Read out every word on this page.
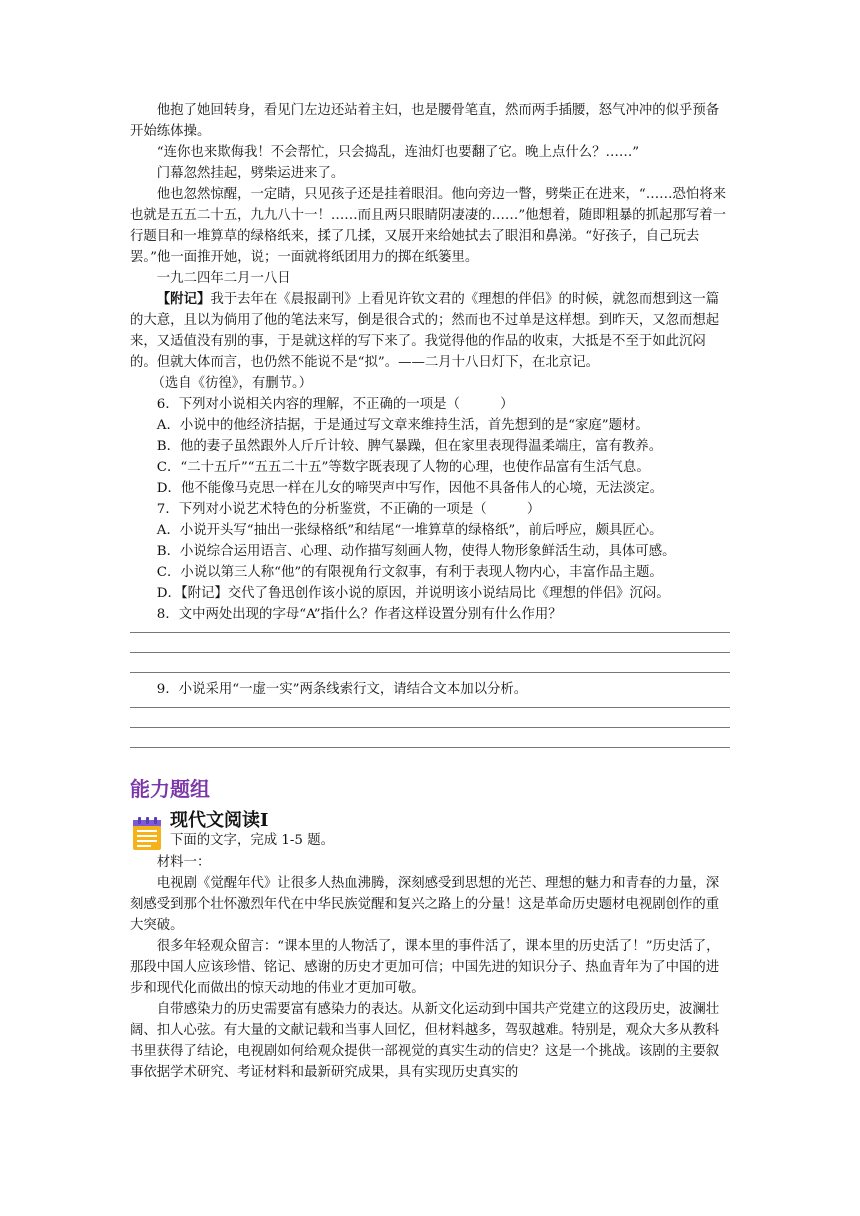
他抱了她回转身，看见门左边还站着主妇，也是腰骨笔直，然而两手插腰，怒气冲冲的似乎预备开始练体操。

“连你也来欺侮我！不会帮忙，只会捣乱，连油灯也要翻了它。晚上点什么？……”

门幕忽然挂起，劈柴运进来了。

他也忽然惊醒，一定睛，只见孩子还是挂着眼泪。他向旁边一瞥，劈柴正在进来，“……恐怕将来也就是五五二十五，九九八十一！……而且两只眼睛阴凄凄的……”他想着，随即粗暴的抓起那写着一行题目和一堆算草的绿格纸来，揉了几揉，又展开来给她拭去了眼泪和鼻涕。“好孩子，自己玩去罢。”他一面推开她，说；一面就将纸团用力的掷在纸篓里。

一九二四年二月一八日

【附记】我于去年在《晨报副刊》上看见许钦文君的《理想的伴侣》的时候，就忽而想到这一篇的大意，且以为倘用了他的笔法来写，倒是很合式的；然而也不过单是这样想。到昨天，又忽而想起来，又适值没有别的事，于是就这样的写下来了。我觉得他的作品的收束，大抵是不至于如此沉闷的。但就大体而言，也仍然不能说不是“拟”。——二月十八日灯下，在北京记。

（选自《彷徨》，有删节。）

6．下列对小说相关内容的理解，不正确的一项是（　　　）

A．小说中的他经济拮据，于是通过写文章来维持生活，首先想到的是“家庭”题材。

B．他的妻子虽然跟外人斤斤计较、脾气暴躁，但在家里表现得温柔端庄，富有教养。

C．“二十五斤”“五五二十五”等数字既表现了人物的心理，也使作品富有生活气息。

D．他不能像马克思一样在儿女的啼哭声中写作，因他不具备伟人的心境，无法淡定。

7．下列对小说艺术特色的分析鉴赏，不正确的一项是（　　　）

A．小说开头写“抽出一张绿格纸”和结尾“一堆算草的绿格纸”，前后呼应，颇具匠心。

B．小说综合运用语言、心理、动作描写刻画人物，使得人物形象鲜活生动，具体可感。

C．小说以第三人称“他”的有限视角行文叙事，有利于表现人物内心，丰富作品主题。

D．【附记】交代了鲁迅创作该小说的原因，并说明该小说结局比《理想的伴侣》沉闷。

8．文中两处出现的字母“A”指什么？作者这样设置分别有什么作用？

9．小说采用“一虚一实”两条线索行文，请结合文本加以分析。

能力题组

现代文阅读Ⅰ
下面的文字，完成 1-5 题。

材料一：

电视剧《觉醒年代》让很多人热血沸腾，深刻感受到思想的光芒、理想的魅力和青春的力量，深刻感受到那个壮怀激烈年代在中华民族觉醒和复兴之路上的分量！这是革命历史题材电视剧创作的重大突破。

很多年轻观众留言：“课本里的人物活了，课本里的事件活了，课本里的历史活了！”历史活了，那段中国人应该珍惜、铭记、感谢的历史才更加可信；中国先进的知识分子、热血青年为了中国的进步和现代化而做出的惊天动地的伟业才更加可敬。

自带感染力的历史需要富有感染力的表达。从新文化运动到中国共产党建立的这段历史，波澜壮阔、扣人心弦。有大量的文献记载和当事人回忆，但材料越多，驾驭越难。特别是，观众大多从教科书里获得了结论，电视剧如何给观众提供一部视觉的真实生动的信史？这是一个挑战。该剧的主要叙事依据学术研究、考证材料和最新研究成果，具有实现历史真实的
